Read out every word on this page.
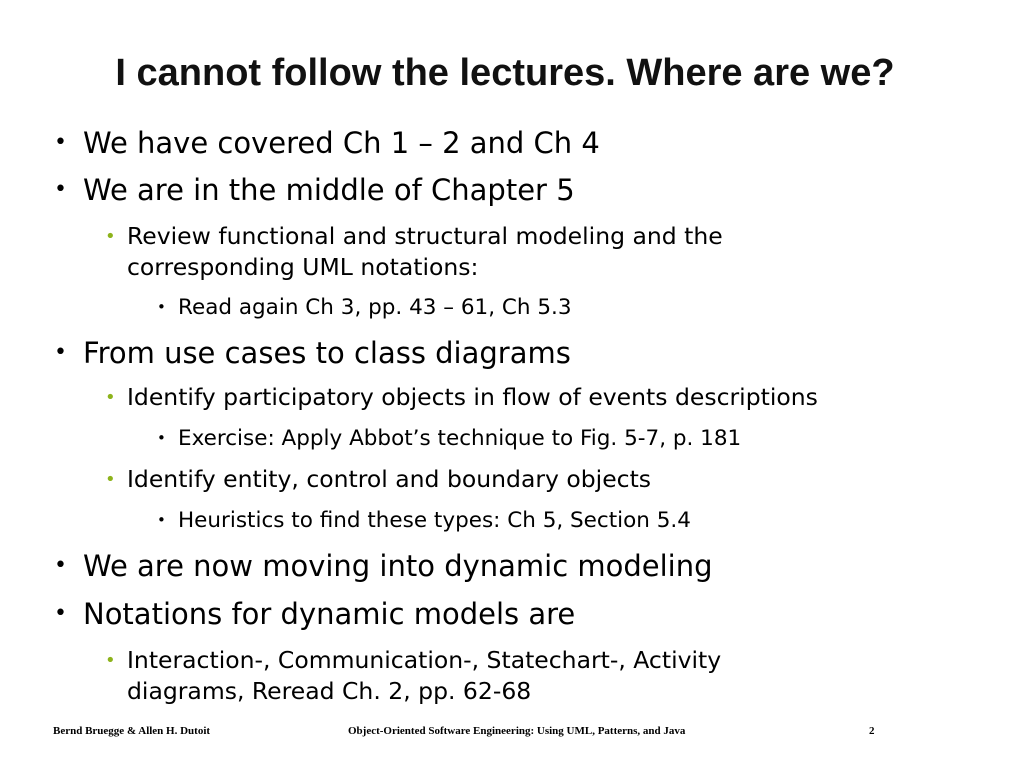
I cannot follow the lectures. Where are we?
• We have covered Ch 1 – 2 and Ch 4
• We are in the middle of Chapter 5
• Review functional and structural modeling and the
corresponding UML notations:
• Read again Ch 3, pp. 43 – 61, Ch 5.3
• From use cases to class diagrams
• Identify participatory objects in flow of events descriptions
• Exercise: Apply Abbot’s technique to Fig. 5-7, p. 181
• Identify entity, control and boundary objects
• Heuristics to find these types: Ch 5, Section 5.4
• We are now moving into dynamic modeling
• Notations for dynamic models are
• Interaction-, Communication-, Statechart-, Activity
diagrams, Reread Ch. 2, pp. 62-68
Bernd Bruegge & Allen H. Dutoit	Object-Oriented Software Engineering: Using UML, Patterns, and Java	2
